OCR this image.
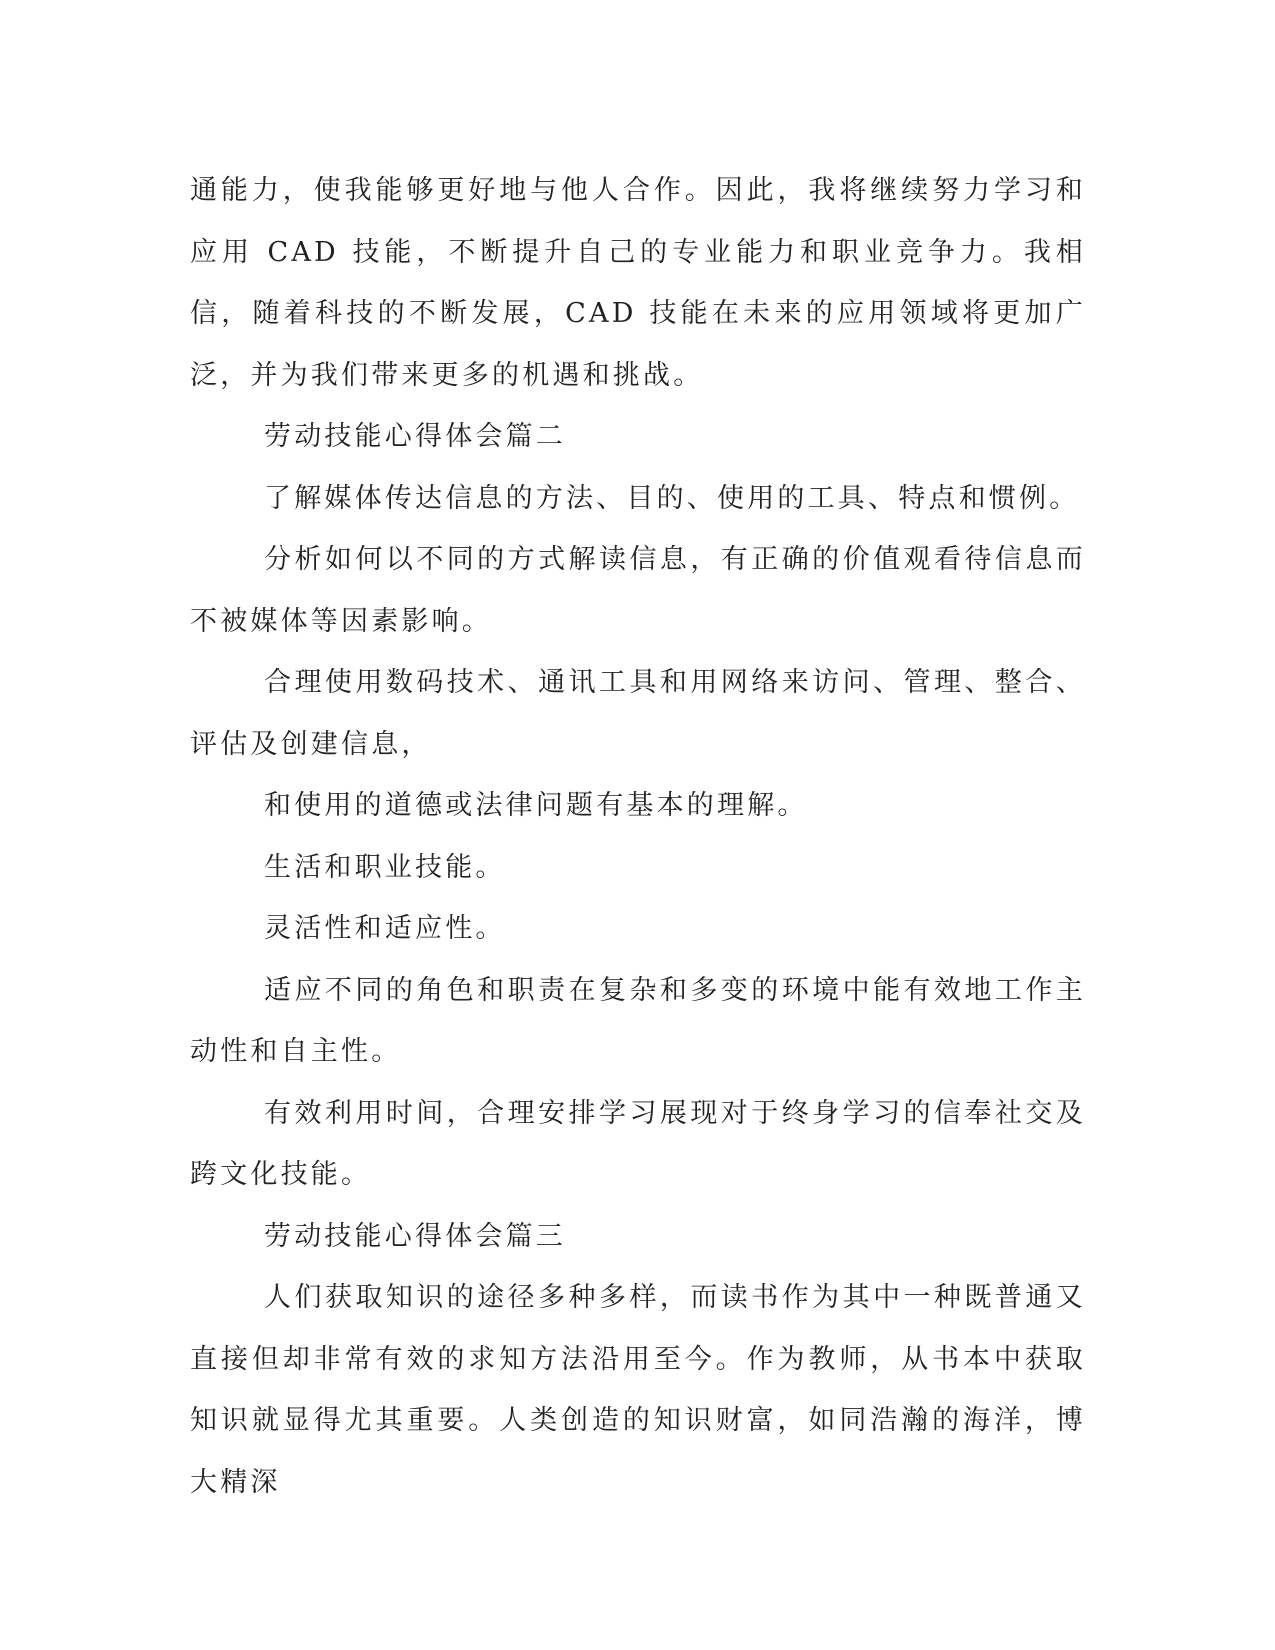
通能力，使我能够更好地与他人合作。因此，我将继续努力学习和应用 CAD 技能，不断提升自己的专业能力和职业竞争力。我相信，随着科技的不断发展，CAD 技能在未来的应用领域将更加广泛，并为我们带来更多的机遇和挑战。

劳动技能心得体会篇二

了解媒体传达信息的方法、目的、使用的工具、特点和惯例。

分析如何以不同的方式解读信息，有正确的价值观看待信息而不被媒体等因素影响。

合理使用数码技术、通讯工具和用网络来访问、管理、整合、评估及创建信息，

和使用的道德或法律问题有基本的理解。

生活和职业技能。

灵活性和适应性。

适应不同的角色和职责在复杂和多变的环境中能有效地工作主动性和自主性。

有效利用时间，合理安排学习展现对于终身学习的信奉社交及跨文化技能。

劳动技能心得体会篇三

人们获取知识的途径多种多样，而读书作为其中一种既普通又直接但却非常有效的求知方法沿用至今。作为教师，从书本中获取知识就显得尤其重要。人类创造的知识财富，如同浩瀚的海洋，博大精深
